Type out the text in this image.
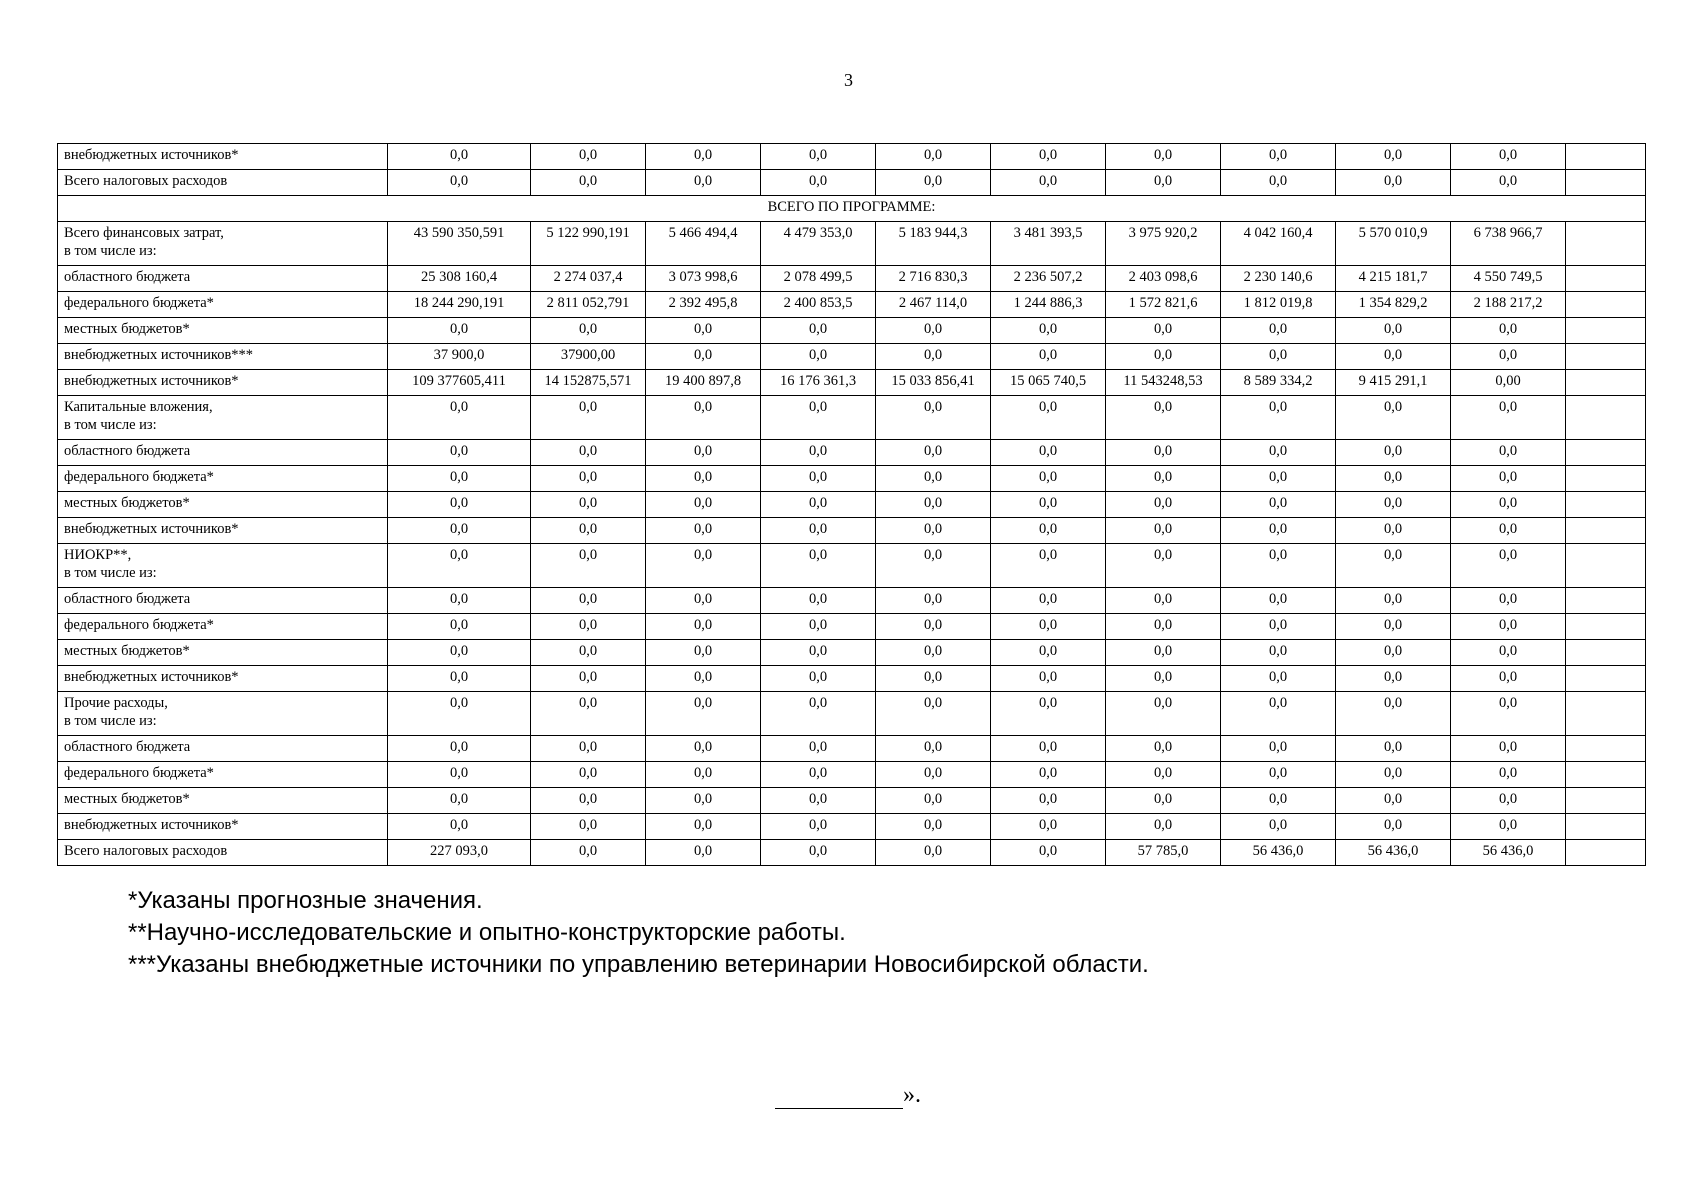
3
внебюджетных источников*	0,0	0,0	0,0	0,0	0,0	0,0	0,0	0,0	0,0	0,0	
Всего налоговых расходов	0,0	0,0	0,0	0,0	0,0	0,0	0,0	0,0	0,0	0,0	
ВСЕГО ПО ПРОГРАММЕ:											
Всего финансовых затрат,
в том числе из:	43 590 350,591	5 122 990,191	5 466 494,4	4 479 353,0	5 183 944,3	3 481 393,5	3 975 920,2	4 042 160,4	5 570 010,9	6 738 966,7	
областного бюджета	25 308 160,4	2 274 037,4	3 073 998,6	2 078 499,5	2 716 830,3	2 236 507,2	2 403 098,6	2 230 140,6	4 215 181,7	4 550 749,5	
федерального бюджета*	18 244 290,191	2 811 052,791	2 392 495,8	2 400 853,5	2 467 114,0	1 244 886,3	1 572 821,6	1 812 019,8	1 354 829,2	2 188 217,2	
местных бюджетов*	0,0	0,0	0,0	0,0	0,0	0,0	0,0	0,0	0,0	0,0	
внебюджетных источников***	37 900,0	37900,00	0,0	0,0	0,0	0,0	0,0	0,0	0,0	0,0	
внебюджетных источников*	109 377605,411	14 152875,571	19 400 897,8	16 176 361,3	15 033 856,41	15 065 740,5	11 543248,53	8 589 334,2	9 415 291,1	0,00	
Капитальные вложения,
в том числе из:	0,0	0,0	0,0	0,0	0,0	0,0	0,0	0,0	0,0	0,0	
областного бюджета	0,0	0,0	0,0	0,0	0,0	0,0	0,0	0,0	0,0	0,0	
федерального бюджета*	0,0	0,0	0,0	0,0	0,0	0,0	0,0	0,0	0,0	0,0	
местных бюджетов*	0,0	0,0	0,0	0,0	0,0	0,0	0,0	0,0	0,0	0,0	
внебюджетных источников*	0,0	0,0	0,0	0,0	0,0	0,0	0,0	0,0	0,0	0,0	
НИОКР**,
в том числе из:	0,0	0,0	0,0	0,0	0,0	0,0	0,0	0,0	0,0	0,0	
областного бюджета	0,0	0,0	0,0	0,0	0,0	0,0	0,0	0,0	0,0	0,0	
федерального бюджета*	0,0	0,0	0,0	0,0	0,0	0,0	0,0	0,0	0,0	0,0	
местных бюджетов*	0,0	0,0	0,0	0,0	0,0	0,0	0,0	0,0	0,0	0,0	
внебюджетных источников*	0,0	0,0	0,0	0,0	0,0	0,0	0,0	0,0	0,0	0,0	
Прочие расходы,
в том числе из:	0,0	0,0	0,0	0,0	0,0	0,0	0,0	0,0	0,0	0,0	
областного бюджета	0,0	0,0	0,0	0,0	0,0	0,0	0,0	0,0	0,0	0,0	
федерального бюджета*	0,0	0,0	0,0	0,0	0,0	0,0	0,0	0,0	0,0	0,0	
местных бюджетов*	0,0	0,0	0,0	0,0	0,0	0,0	0,0	0,0	0,0	0,0	
внебюджетных источников*	0,0	0,0	0,0	0,0	0,0	0,0	0,0	0,0	0,0	0,0	
Всего налоговых расходов	227 093,0	0,0	0,0	0,0	0,0	0,0	57 785,0	56 436,0	56 436,0	56 436,0	
*Указаны прогнозные значения.
**Научно-исследовательские и опытно-конструкторские работы.
***Указаны внебюджетные источники по управлению ветеринарии Новосибирской области.
».
